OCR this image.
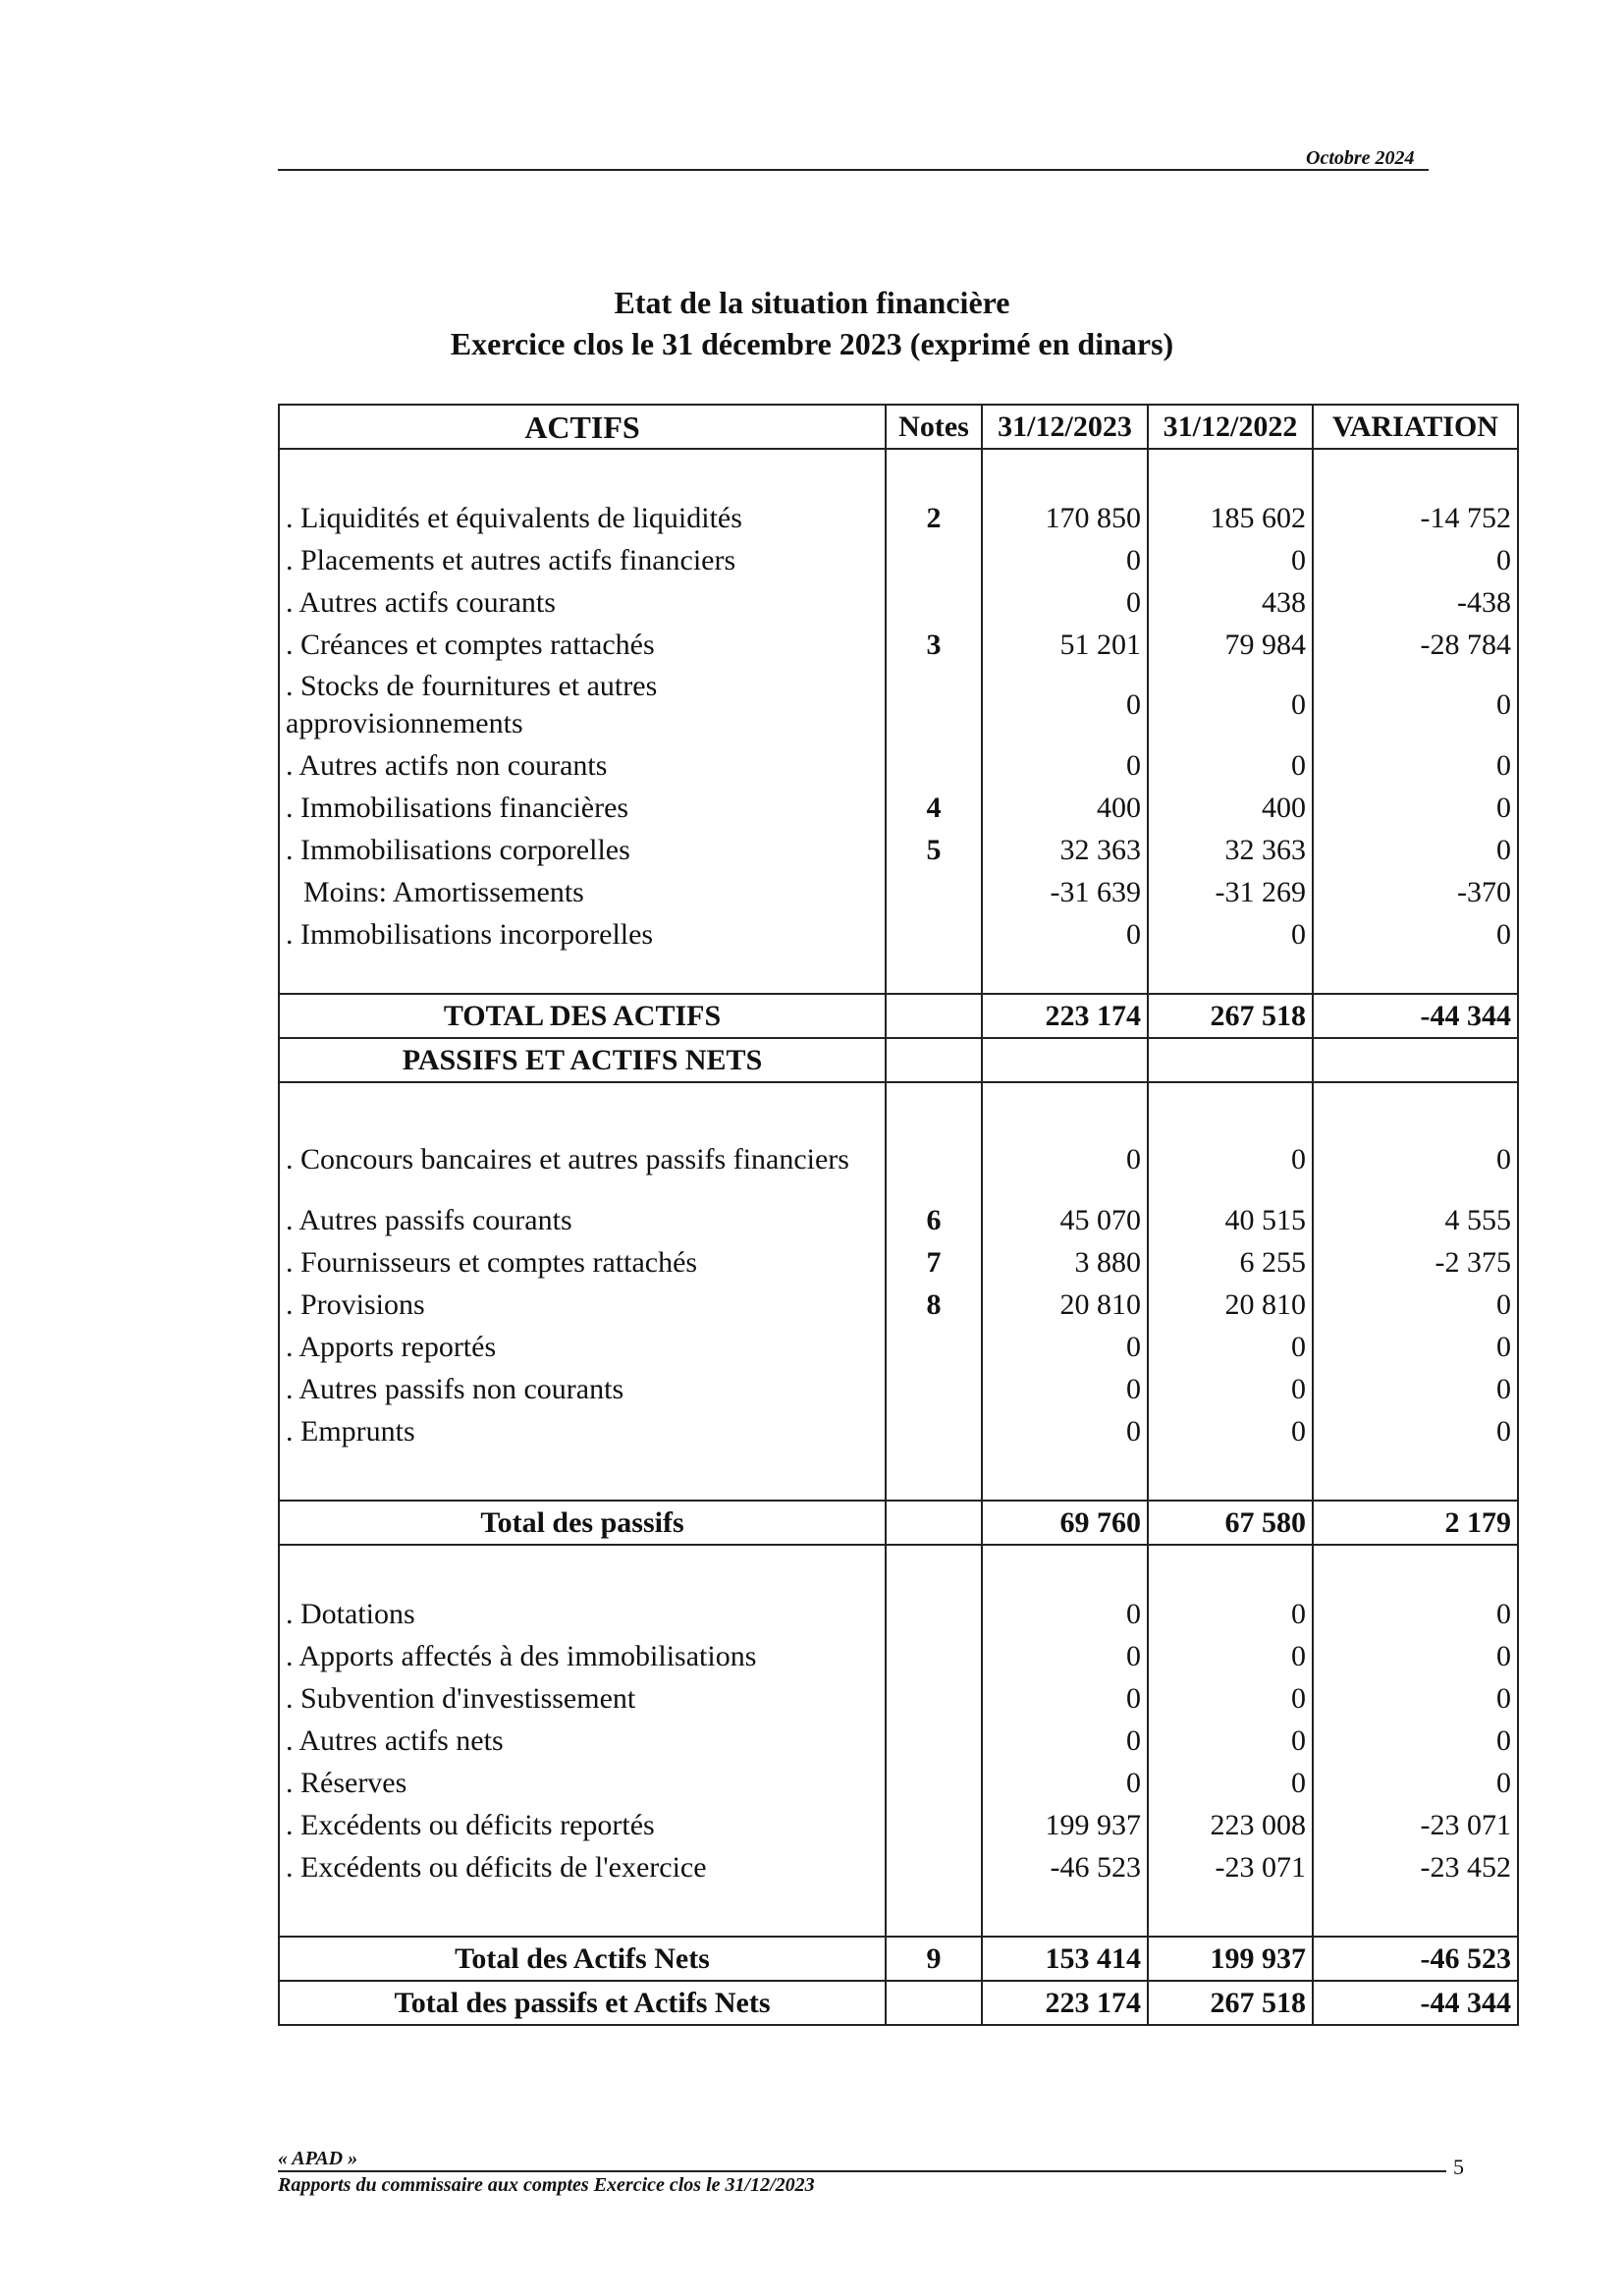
Octobre 2024
Etat de la situation financière
Exercice clos le 31 décembre 2023 (exprimé en dinars)
ACTIFS	Notes	31/12/2023	31/12/2022	VARIATION

. Liquidités et équivalents de liquidités	2	170 850	185 602	-14 752
. Placements et autres actifs financiers		0	0	0
. Autres actifs courants		0	438	-438
. Créances et comptes rattachés	3	51 201	79 984	-28 784
. Stocks de fournitures et autres approvisionnements		0	0	0
. Autres actifs non courants		0	0	0
. Immobilisations financières	4	400	400	0
. Immobilisations corporelles	5	32 363	32 363	0
Moins: Amortissements		-31 639	-31 269	-370
. Immobilisations incorporelles		0	0	0

TOTAL DES ACTIFS		223 174	267 518	-44 344
PASSIFS ET ACTIFS NETS				

. Concours bancaires et autres passifs financiers		0	0	0
. Autres passifs courants	6	45 070	40 515	4 555
. Fournisseurs et comptes rattachés	7	3 880	6 255	-2 375
. Provisions	8	20 810	20 810	0
. Apports reportés		0	0	0
. Autres passifs non courants		0	0	0
. Emprunts		0	0	0

Total des passifs		69 760	67 580	2 179

. Dotations		0	0	0
. Apports affectés à des immobilisations		0	0	0
. Subvention d'investissement		0	0	0
. Autres actifs nets		0	0	0
. Réserves		0	0	0
. Excédents ou déficits reportés		199 937	223 008	-23 071
. Excédents ou déficits de l'exercice		-46 523	-23 071	-23 452

Total des Actifs Nets	9	153 414	199 937	-46 523
Total des passifs et Actifs Nets		223 174	267 518	-44 344
« APAD »	5
Rapports du commissaire aux comptes Exercice clos le 31/12/2023
